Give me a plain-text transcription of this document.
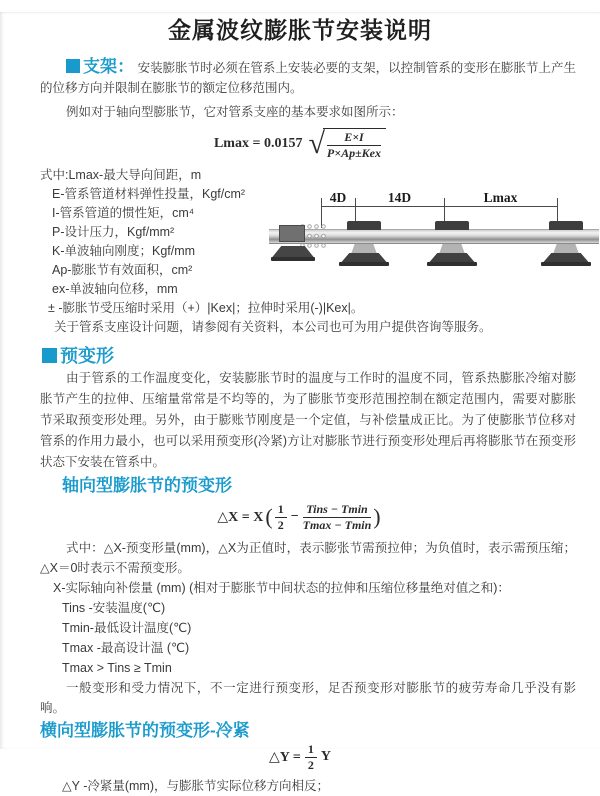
金属波纹膨胀节安装说明

支架： 安装膨胀节时必须在管系上安装必要的支架，以控制管系的变形在膨胀节上产生的位移方向并限制在膨胀节的额定位移范围内。

例如对于轴向型膨胀节，它对管系支座的基本要求如图所示：

Lmax = 0.0157 √ $\frac{E\times I}{\text{P×Ap±Kex}}$
式中:Lmax-最大导向间距，m
E-管系管道材料弹性投量，Kgf/cm²
I-管系管道的惯性矩，cm⁴
P-设计压力，Kgf/mm²
K-单波轴向刚度；Kgf/mm
Ap-膨胀节有效面积，cm²
ex-单波轴向位移，mm
4D	14D	Lmax
± -膨胀节受压缩时采用（+）|Kex|；拉伸时采用(-)|Kex|。
关于管系支座设计问题，请参阅有关资料，本公司也可为用户提供咨询等服务。
预变形

由于管系的工作温度变化，安装膨胀节时的温度与工作时的温度不同，管系热膨胀冷缩对膨胀节产生的拉伸、压缩量常常是不均等的，为了膨胀节变形范围控制在额定范围内，需要对膨胀节采取预变形处理。另外，由于膨账节刚度是一个定值，与补偿量成正比。为了使膨胀节位移对管系的作用力最小，也可以采用预变形(冷紧)方让对膨胀节进行预变形处理后再将膨胀节在预变形状态下安装在管系中。

轴向型膨胀节的预变形
△X = X ( $\frac{1}{2} - \frac{\text{Tins − Tmin}}{Tmax - Tmin}$ )

式中：△X-预变形量(mm)，△X为正值时，表示膨张节需预拉伸；为负值时，表示需预压缩；△X＝0时表示不需预变形。

X-实际轴向补偿量 (mm) (相对于膨胀节中间状态的拉伸和压缩位移量绝对值之和)：
Tins -安装温度(℃)
Tmin-最低设计温度(℃)
Tmax -最高设计温 (℃)
Tmax > Tins ≥ Tmin

一般变形和受力情况下，不一定进行预变形，足否预变形对膨胀节的疲劳寿命几乎没有影响。

横向型膨胀节的预变形-冷紧
△Y = $\frac{1}{2}$ Y
△Y -冷紧量(mm)，与膨胀节实际位移方向相反；
